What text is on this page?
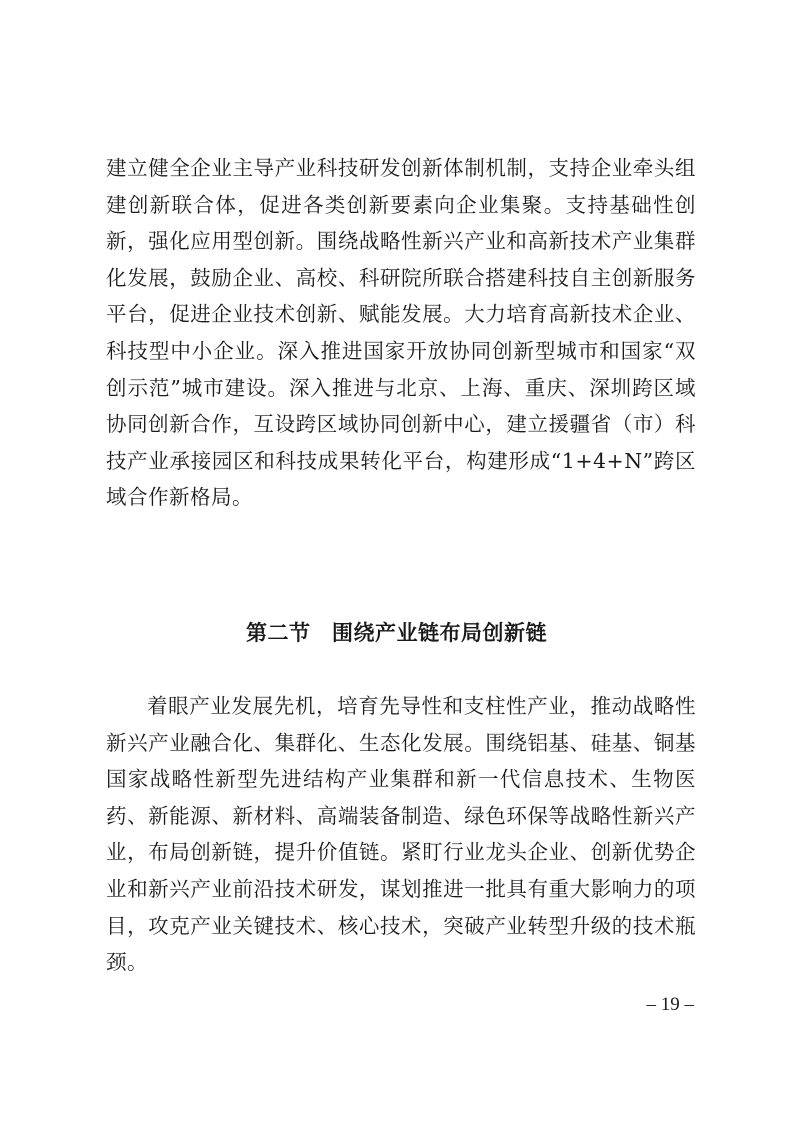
建立健全企业主导产业科技研发创新体制机制，支持企业牵头组建创新联合体，促进各类创新要素向企业集聚。支持基础性创新，强化应用型创新。围绕战略性新兴产业和高新技术产业集群化发展，鼓励企业、高校、科研院所联合搭建科技自主创新服务平台，促进企业技术创新、赋能发展。大力培育高新技术企业、科技型中小企业。深入推进国家开放协同创新型城市和国家“双创示范”城市建设。深入推进与北京、上海、重庆、深圳跨区域协同创新合作，互设跨区域协同创新中心，建立援疆省（市）科技产业承接园区和科技成果转化平台，构建形成“1+4+N”跨区域合作新格局。

第二节　围绕产业链布局创新链

着眼产业发展先机，培育先导性和支柱性产业，推动战略性新兴产业融合化、集群化、生态化发展。围绕铝基、硅基、铜基国家战略性新型先进结构产业集群和新一代信息技术、生物医药、新能源、新材料、高端装备制造、绿色环保等战略性新兴产业，布局创新链，提升价值链。紧盯行业龙头企业、创新优势企业和新兴产业前沿技术研发，谋划推进一批具有重大影响力的项目，攻克产业关键技术、核心技术，突破产业转型升级的技术瓶颈。

– 19 –
